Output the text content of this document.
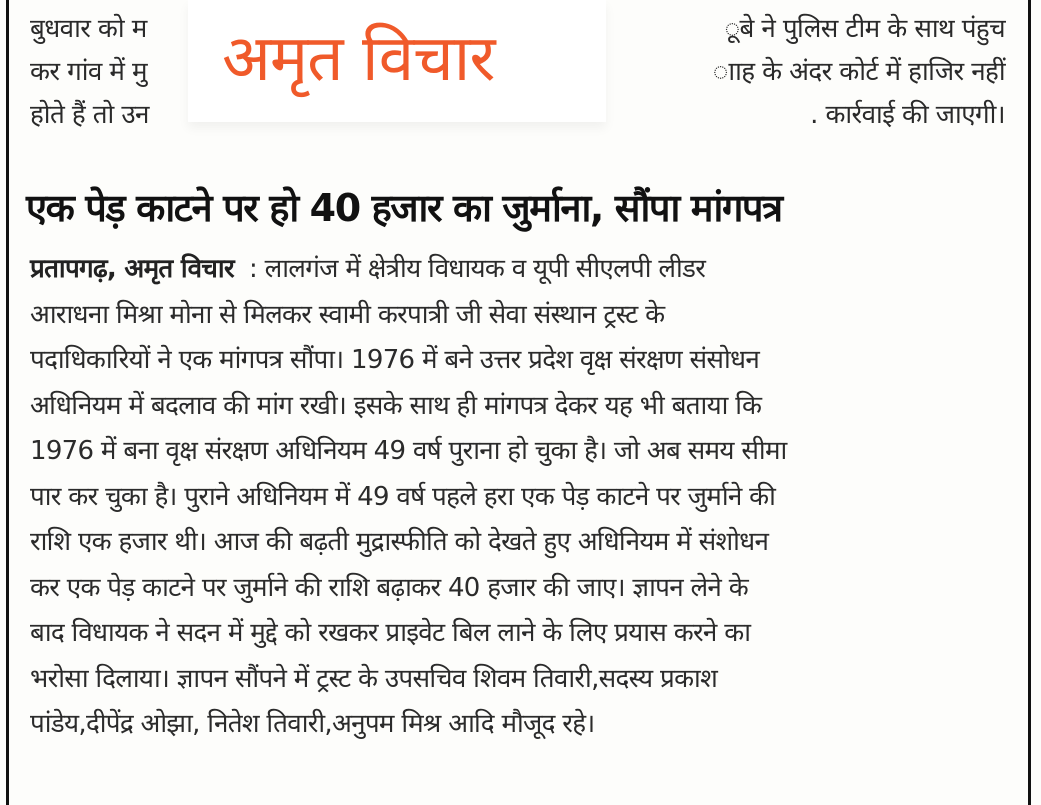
बुधवार को म	ूबे ने पुलिस टीम के साथ पंहुच
कर गांव में मु	ााह के अंदर कोर्ट में हाजिर नहीं
होते हैं तो उन	. कार्रवाई की जाएगी।
अमृत विचार
एक पेड़ काटने पर हो 40 हजार का जुर्माना, सौंपा मांगपत्र
प्रतापगढ़, अमृत विचार : लालगंज में क्षेत्रीय विधायक व यूपी सीएलपी लीडर
आराधना मिश्रा मोना से मिलकर स्वामी करपात्री जी सेवा संस्थान ट्रस्ट के
पदाधिकारियों ने एक मांगपत्र सौंपा। 1976 में बने उत्तर प्रदेश वृक्ष संरक्षण संसोधन
अधिनियम में बदलाव की मांग रखी। इसके साथ ही मांगपत्र देकर यह भी बताया कि
1976 में बना वृक्ष संरक्षण अधिनियम 49 वर्ष पुराना हो चुका है। जो अब समय सीमा
पार कर चुका है। पुराने अधिनियम में 49 वर्ष पहले हरा एक पेड़ काटने पर जुर्माने की
राशि एक हजार थी। आज की बढ़ती मुद्रास्फीति को देखते हुए अधिनियम में संशोधन
कर एक पेड़ काटने पर जुर्माने की राशि बढ़ाकर 40 हजार की जाए। ज्ञापन लेने के
बाद विधायक ने सदन में मुद्दे को रखकर प्राइवेट बिल लाने के लिए प्रयास करने का
भरोसा दिलाया। ज्ञापन सौंपने में ट्रस्ट के उपसचिव शिवम तिवारी,सदस्य प्रकाश
पांडेय,दीपेंद्र ओझा, नितेश तिवारी,अनुपम मिश्र आदि मौजूद रहे।
